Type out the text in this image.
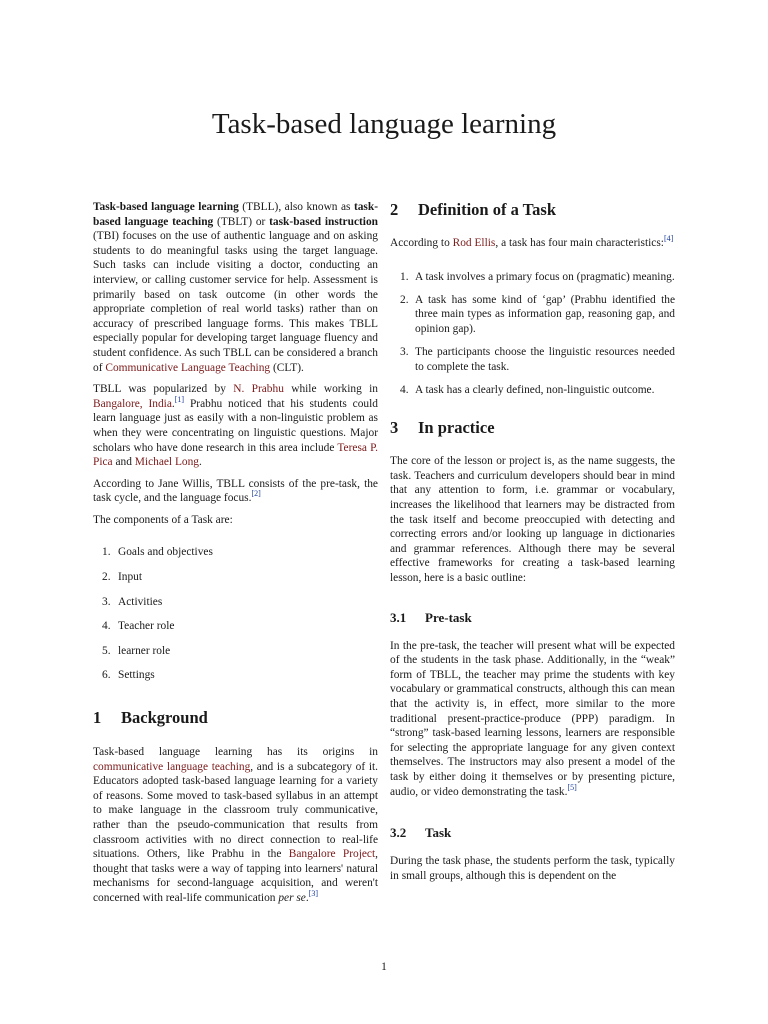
Task-based language learning

Task-based language learning (TBLL), also known as task-based language teaching (TBLT) or task-based instruction (TBI) focuses on the use of authentic language and on asking students to do meaningful tasks using the target language. Such tasks can include visiting a doctor, conducting an interview, or calling customer service for help. Assessment is primarily based on task outcome (in other words the appropriate completion of real world tasks) rather than on accuracy of prescribed language forms. This makes TBLL especially popular for developing target language fluency and student confidence. As such TBLL can be considered a branch of Communicative Language Teaching (CLT).

TBLL was popularized by N. Prabhu while working in Bangalore, India.[1] Prabhu noticed that his students could learn language just as easily with a non-linguistic problem as when they were concentrating on linguistic questions. Major scholars who have done research in this area include Teresa P. Pica and Michael Long.

According to Jane Willis, TBLL consists of the pre-task, the task cycle, and the language focus.[2]

The components of a Task are:

1. Goals and objectives
2. Input
3. Activities
4. Teacher role
5. learner role
6. Settings
1 Background

Task-based language learning has its origins in communicative language teaching, and is a subcategory of it. Educators adopted task-based language learning for a variety of reasons. Some moved to task-based syllabus in an attempt to make language in the classroom truly communicative, rather than the pseudo-communication that results from classroom activities with no direct connection to real-life situations. Others, like Prabhu in the Bangalore Project, thought that tasks were a way of tapping into learners' natural mechanisms for second-language acquisition, and weren't concerned with real-life communication per se.[3]

2 Definition of a Task

According to Rod Ellis, a task has four main characteristics:[4]

1. A task involves a primary focus on (pragmatic) meaning.
2. A task has some kind of ‘gap’ (Prabhu identified the three main types as information gap, reasoning gap, and opinion gap).
3. The participants choose the linguistic resources needed to complete the task.
4. A task has a clearly defined, non-linguistic outcome.
3 In practice

The core of the lesson or project is, as the name suggests, the task. Teachers and curriculum developers should bear in mind that any attention to form, i.e. grammar or vocabulary, increases the likelihood that learners may be distracted from the task itself and become preoccupied with detecting and correcting errors and/or looking up language in dictionaries and grammar references. Although there may be several effective frameworks for creating a task-based learning lesson, here is a basic outline:

3.1 Pre-task

In the pre-task, the teacher will present what will be expected of the students in the task phase. Additionally, in the “weak” form of TBLL, the teacher may prime the students with key vocabulary or grammatical constructs, although this can mean that the activity is, in effect, more similar to the more traditional present-practice-produce (PPP) paradigm. In “strong” task-based learning lessons, learners are responsible for selecting the appropriate language for any given context themselves. The instructors may also present a model of the task by either doing it themselves or by presenting picture, audio, or video demonstrating the task.[5]

3.2 Task

During the task phase, the students perform the task, typically in small groups, although this is dependent on the

1
